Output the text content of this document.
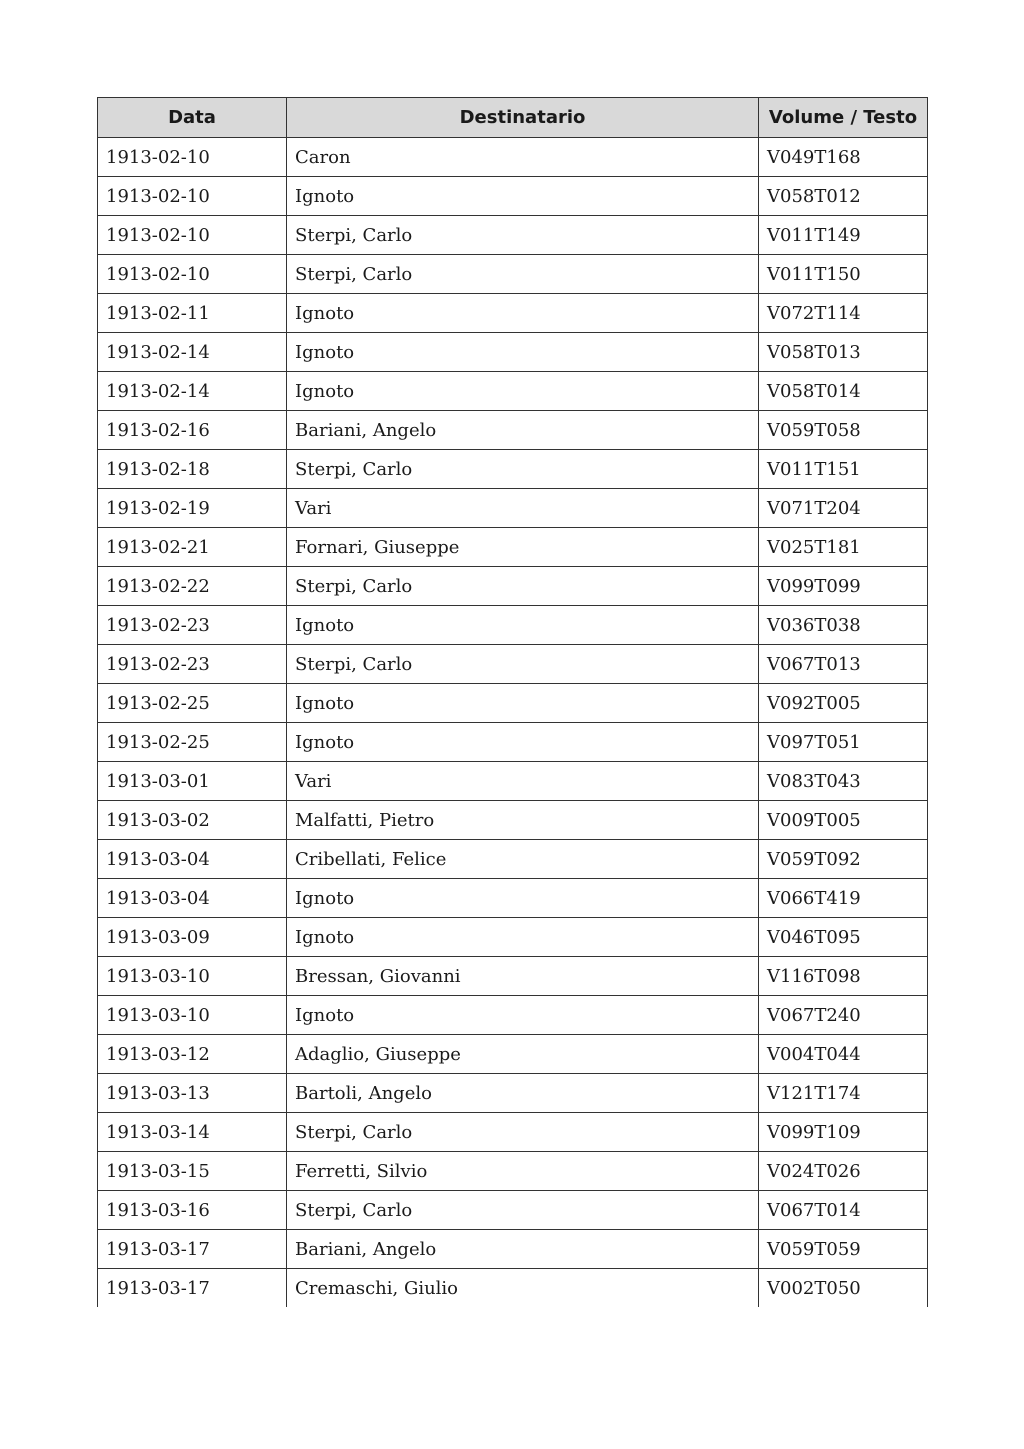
Data	Destinatario	Volume / Testo
1913-02-10	Caron	V049T168
1913-02-10	Ignoto	V058T012
1913-02-10	Sterpi, Carlo	V011T149
1913-02-10	Sterpi, Carlo	V011T150
1913-02-11	Ignoto	V072T114
1913-02-14	Ignoto	V058T013
1913-02-14	Ignoto	V058T014
1913-02-16	Bariani, Angelo	V059T058
1913-02-18	Sterpi, Carlo	V011T151
1913-02-19	Vari	V071T204
1913-02-21	Fornari, Giuseppe	V025T181
1913-02-22	Sterpi, Carlo	V099T099
1913-02-23	Ignoto	V036T038
1913-02-23	Sterpi, Carlo	V067T013
1913-02-25	Ignoto	V092T005
1913-02-25	Ignoto	V097T051
1913-03-01	Vari	V083T043
1913-03-02	Malfatti, Pietro	V009T005
1913-03-04	Cribellati, Felice	V059T092
1913-03-04	Ignoto	V066T419
1913-03-09	Ignoto	V046T095
1913-03-10	Bressan, Giovanni	V116T098
1913-03-10	Ignoto	V067T240
1913-03-12	Adaglio, Giuseppe	V004T044
1913-03-13	Bartoli, Angelo	V121T174
1913-03-14	Sterpi, Carlo	V099T109
1913-03-15	Ferretti, Silvio	V024T026
1913-03-16	Sterpi, Carlo	V067T014
1913-03-17	Bariani, Angelo	V059T059
1913-03-17	Cremaschi, Giulio	V002T050
